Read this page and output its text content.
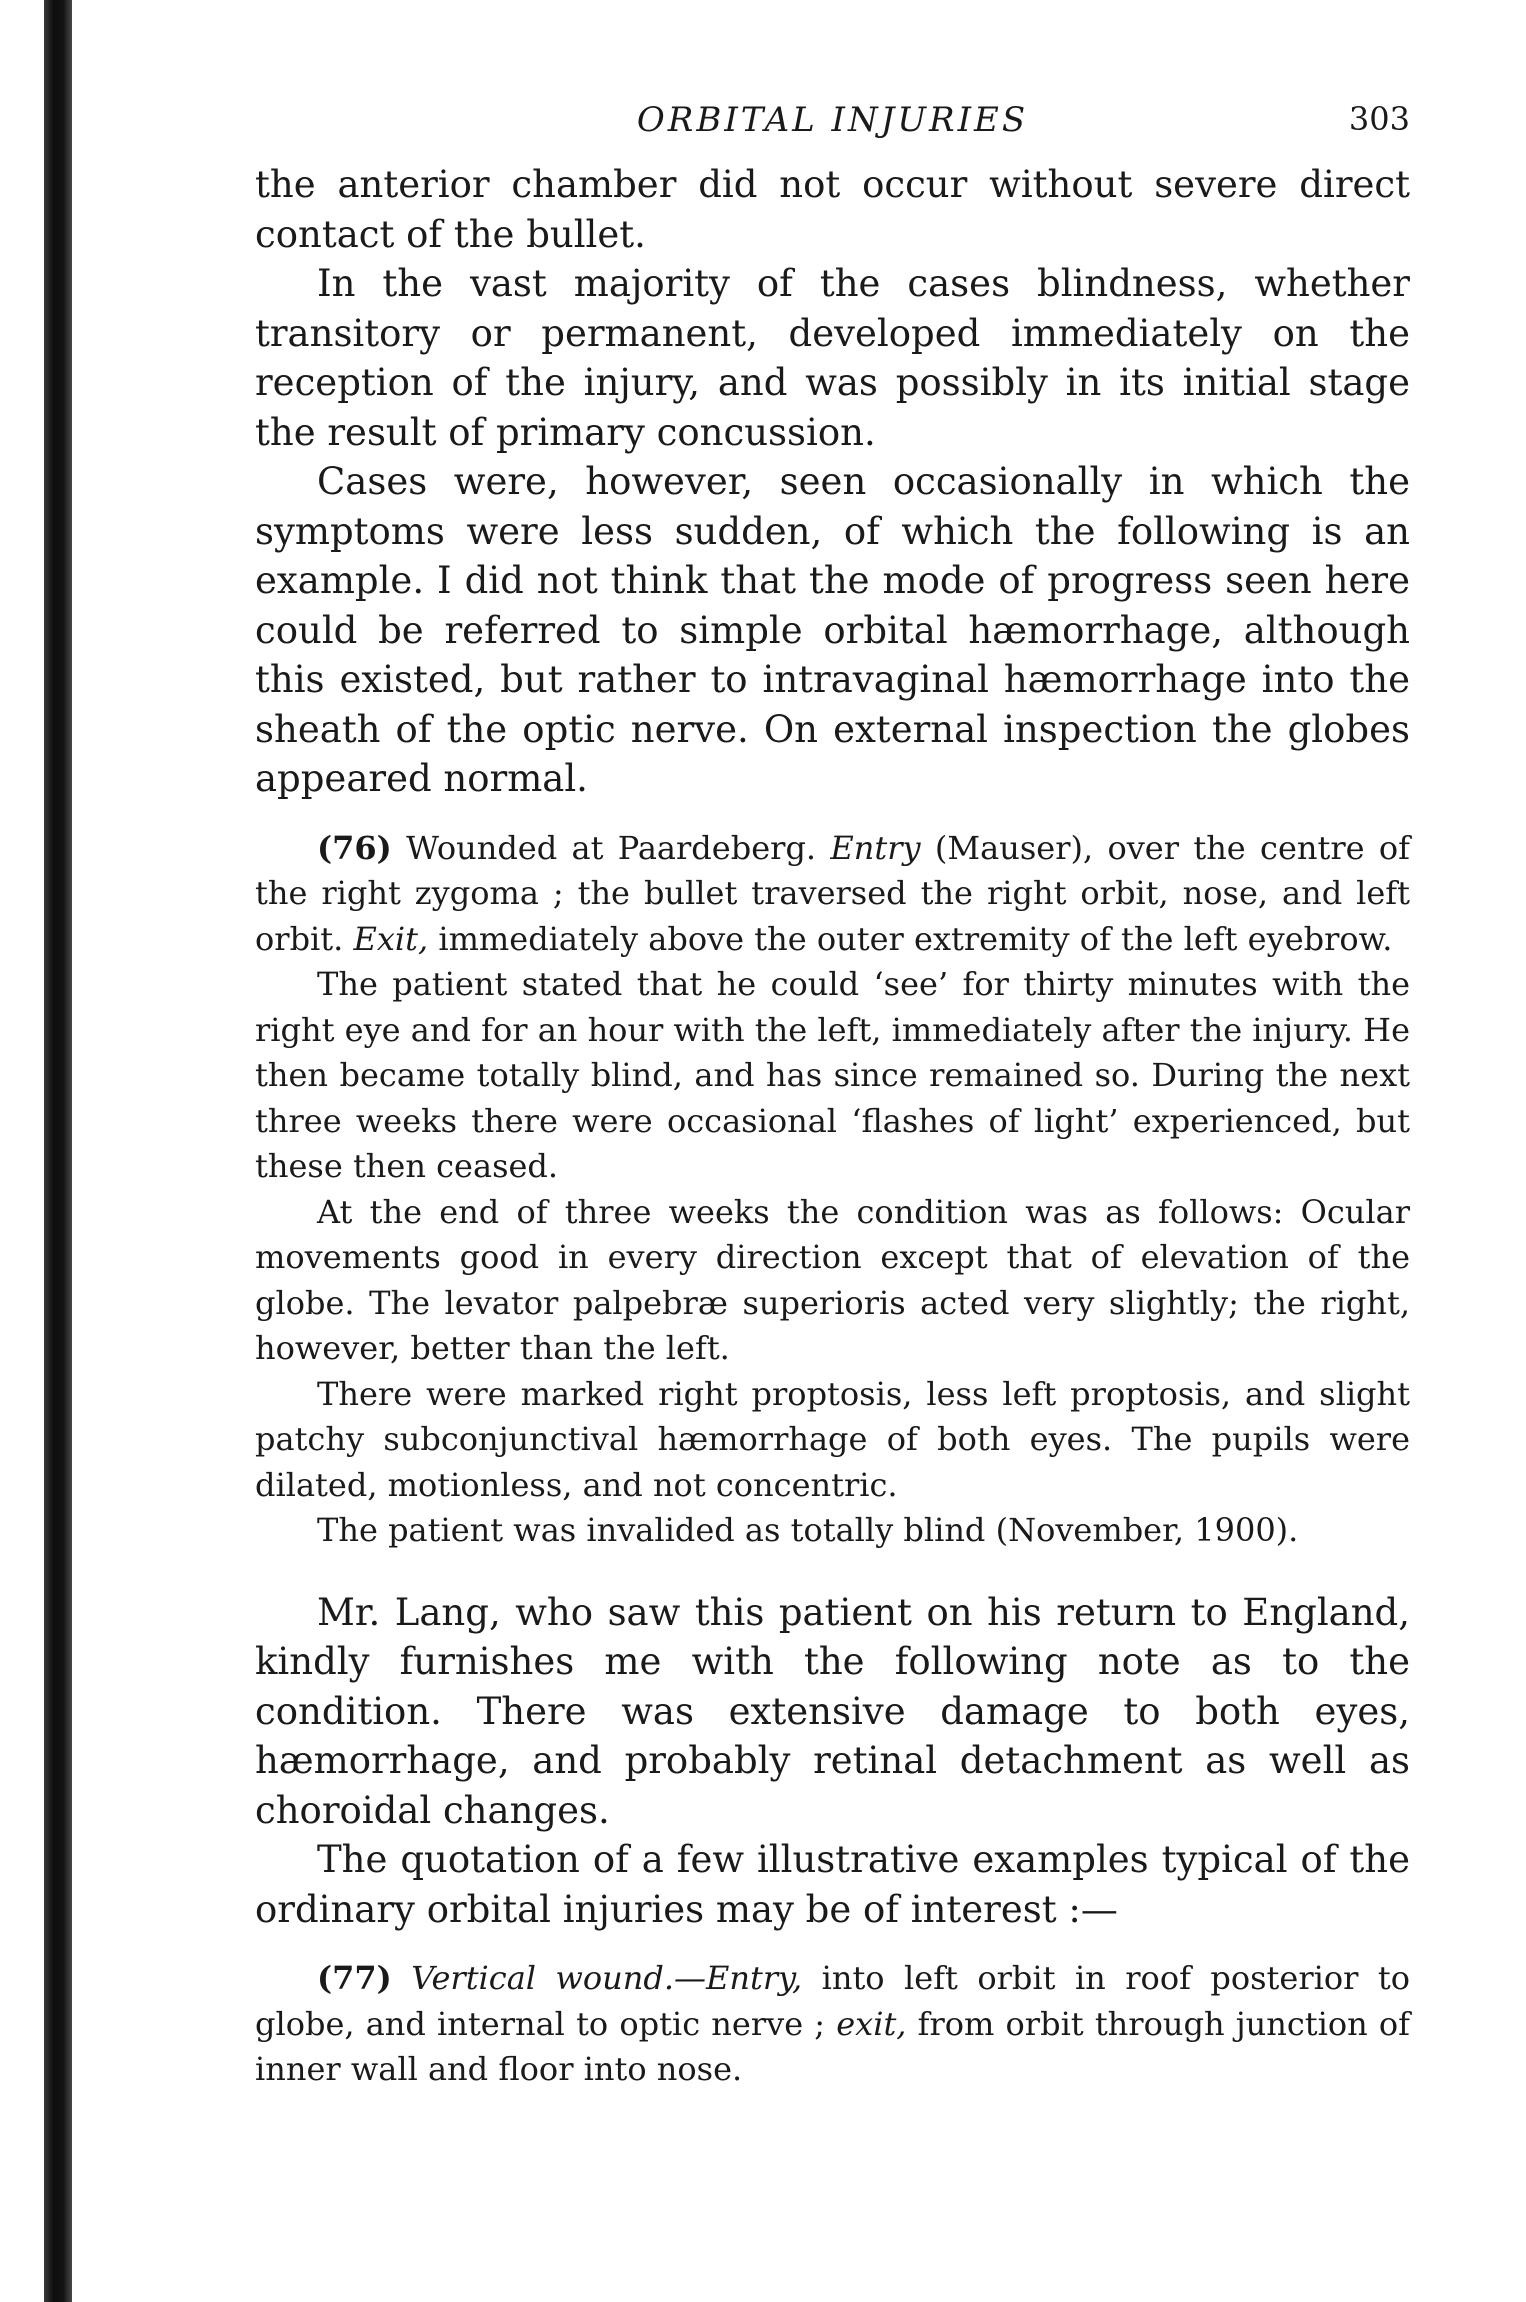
ORBITAL INJURIES	303

the anterior chamber did not occur without severe direct contact of the bullet.

In the vast majority of the cases blindness, whether transitory or permanent, developed immediately on the reception of the injury, and was possibly in its initial stage the result of primary concussion.

Cases were, however, seen occasionally in which the symptoms were less sudden, of which the following is an example. I did not think that the mode of progress seen here could be referred to simple orbital hæmorrhage, although this existed, but rather to intravaginal hæmorrhage into the sheath of the optic nerve. On external inspection the globes appeared normal.

(76) Wounded at Paardeberg. Entry (Mauser), over the centre of the right zygoma ; the bullet traversed the right orbit, nose, and left orbit. Exit, immediately above the outer extremity of the left eyebrow.

The patient stated that he could ‘see’ for thirty minutes with the right eye and for an hour with the left, immediately after the injury. He then became totally blind, and has since remained so. During the next three weeks there were occasional ‘flashes of light’ experienced, but these then ceased.

At the end of three weeks the condition was as follows: Ocular movements good in every direction except that of elevation of the globe. The levator palpebræ superioris acted very slightly; the right, however, better than the left.

There were marked right proptosis, less left proptosis, and slight patchy subconjunctival hæmorrhage of both eyes. The pupils were dilated, motionless, and not concentric.

The patient was invalided as totally blind (November, 1900).

Mr. Lang, who saw this patient on his return to England, kindly furnishes me with the following note as to the condition. There was extensive damage to both eyes, hæmorrhage, and probably retinal detachment as well as choroidal changes.

The quotation of a few illustrative examples typical of the ordinary orbital injuries may be of interest :—

(77) Vertical wound.—Entry, into left orbit in roof posterior to globe, and internal to optic nerve ; exit, from orbit through junction of inner wall and floor into nose.
